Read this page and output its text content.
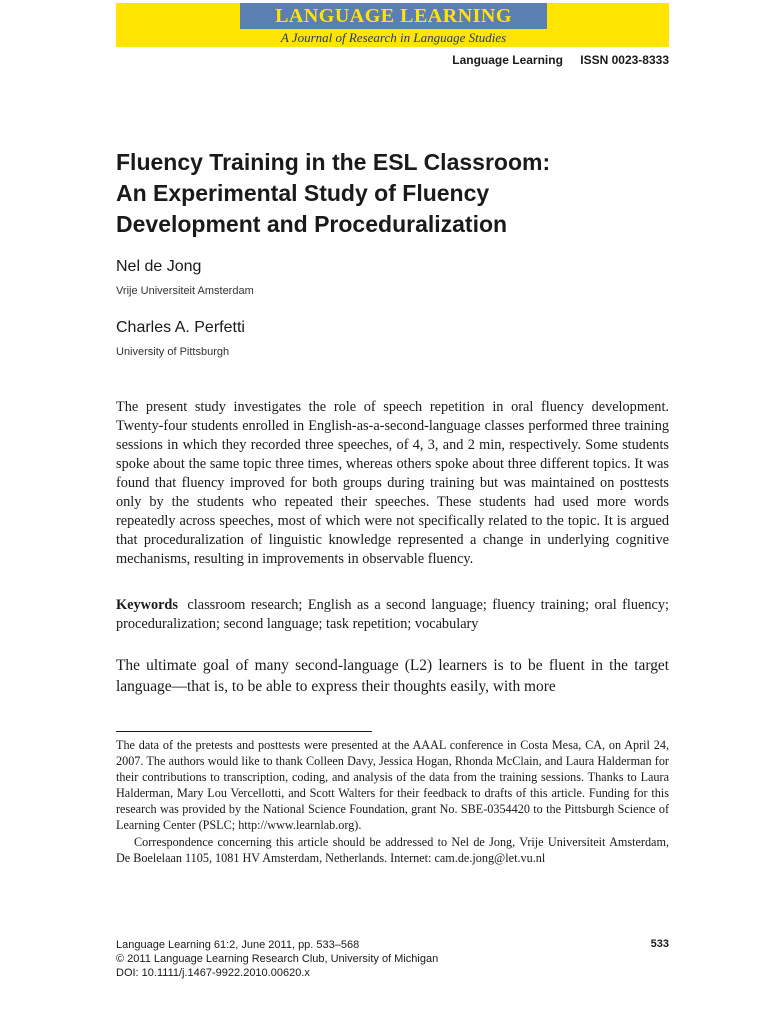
LANGUAGE LEARNING
A Journal of Research in Language Studies
Language Learning ISSN 0023-8333
Fluency Training in the ESL Classroom:
An Experimental Study of Fluency
Development and Proceduralization
Nel de Jong
Vrije Universiteit Amsterdam
Charles A. Perfetti
University of Pittsburgh
The present study investigates the role of speech repetition in oral fluency development. Twenty-four students enrolled in English-as-a-second-language classes performed three training sessions in which they recorded three speeches, of 4, 3, and 2 min, respectively. Some students spoke about the same topic three times, whereas others spoke about three different topics. It was found that fluency improved for both groups during training but was maintained on posttests only by the students who repeated their speeches. These students had used more words repeatedly across speeches, most of which were not specifically related to the topic. It is argued that proceduralization of linguistic knowledge represented a change in underlying cognitive mechanisms, resulting in improvements in observable fluency.
Keywords classroom research; English as a second language; fluency training; oral fluency; proceduralization; second language; task repetition; vocabulary
The ultimate goal of many second-language (L2) learners is to be fluent in the target language—that is, to be able to express their thoughts easily, with more

The data of the pretests and posttests were presented at the AAAL conference in Costa Mesa, CA, on April 24, 2007. The authors would like to thank Colleen Davy, Jessica Hogan, Rhonda McClain, and Laura Halderman for their contributions to transcription, coding, and analysis of the data from the training sessions. Thanks to Laura Halderman, Mary Lou Vercellotti, and Scott Walters for their feedback to drafts of this article. Funding for this research was provided by the National Science Foundation, grant No. SBE-0354420 to the Pittsburgh Science of Learning Center (PSLC; http://www.learnlab.org).

Correspondence concerning this article should be addressed to Nel de Jong, Vrije Universiteit Amsterdam, De Boelelaan 1105, 1081 HV Amsterdam, Netherlands. Internet: cam.de.jong@let.vu.nl

Language Learning 61:2, June 2011, pp. 533–568
© 2011 Language Learning Research Club, University of Michigan
DOI: 10.1111/j.1467-9922.2010.00620.x
533
